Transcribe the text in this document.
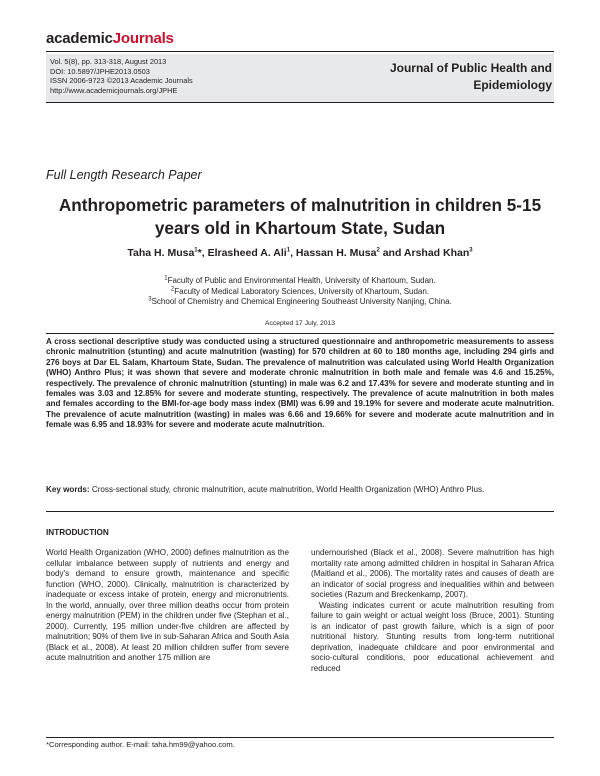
academicJournals
Vol. 5(8), pp. 313-318, August 2013
DOI: 10.5897/JPHE2013.0503
ISSN 2006-9723 ©2013 Academic Journals
http://www.academicjournals.org/JPHE
Journal of Public Health and
Epidemiology
Full Length Research Paper
Anthropometric parameters of malnutrition in children 5-15 years old in Khartoum State, Sudan
Taha H. Musa$^1$*, Elrasheed A. Ali$^1$, Hassan H. Musa$^2$ and Arshad Khan$^3$
$^1$Faculty of Public and Environmental Health, University of Khartoum, Sudan.
$^2$Faculty of Medical Laboratory Sciences, University of Khartoum, Sudan.
$^3$School of Chemistry and Chemical Engineering Southeast University Nanjing, China.
Accepted 17 July, 2013
A cross sectional descriptive study was conducted using a structured questionnaire and anthropometric measurements to assess chronic malnutrition (stunting) and acute malnutrition (wasting) for 570 children at 60 to 180 months age, including 294 girls and 276 boys at Dar EL Salam, Khartoum State, Sudan. The prevalence of malnutrition was calculated using World Health Organization (WHO) Anthro Plus; it was shown that severe and moderate chronic malnutrition in both male and female was 4.6 and 15.25%, respectively. The prevalence of chronic malnutrition (stunting) in male was 6.2 and 17.43% for severe and moderate stunting and in females was 3.03 and 12.85% for severe and moderate stunting, respectively. The prevalence of acute malnutrition in both males and females according to the BMI-for-age body mass index (BMI) was 6.99 and 19.19% for severe and moderate acute malnutrition. The prevalence of acute malnutrition (wasting) in males was 6.66 and 19.66% for severe and moderate acute malnutrition and in female was 6.95 and 18.93% for severe and moderate acute malnutrition.
Key words: Cross-sectional study, chronic malnutrition, acute malnutrition, World Health Organization (WHO) Anthro Plus.
INTRODUCTION

World Health Organization (WHO, 2000) defines malnutrition as the cellular imbalance between supply of nutrients and energy and body's demand to ensure growth, maintenance and specific function (WHO, 2000). Clinically, malnutrition is characterized by inadequate or excess intake of protein, energy and micronutrients. In the world, annually, over three million deaths occur from protein energy malnutrition (PEM) in the children under five (Stephan et al., 2000). Currently, 195 million under-five children are affected by malnutrition; 90% of them live in sub-Saharan Africa and South Asia (Black et al., 2008). At least 20 million children suffer from severe acute malnutrition and another 175 million are

undernourished (Black et al., 2008). Severe malnutrition has high mortality rate among admitted children in hospital in Saharan Africa (Maitland et al., 2006). The mortality rates and causes of death are an indicator of social progress and inequalities within and between societies (Razum and Breckenkamp, 2007).

Wasting indicates current or acute malnutrition resulting from failure to gain weight or actual weight loss (Bruce, 2001). Stunting is an indicator of past growth failure, which is a sign of poor nutritional history. Stunting results from long-term nutritional deprivation, inadequate childcare and poor environmental and socio-cultural conditions, poor educational achievement and reduced

*Corresponding author. E-mail: taha.hm99@yahoo.com.
